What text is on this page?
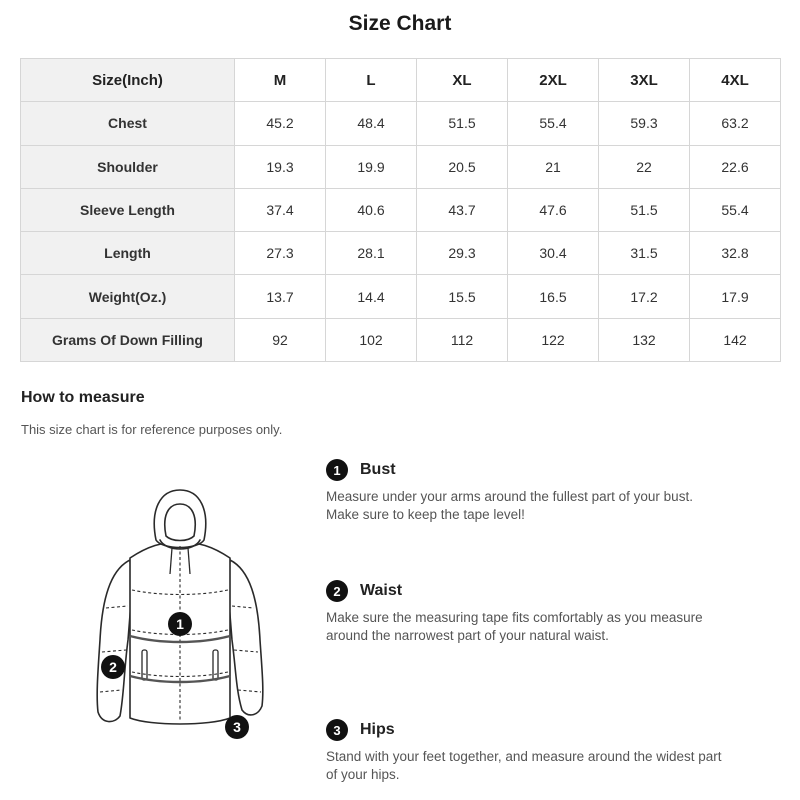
Size Chart
Size(Inch)	M	L	XL	2XL	3XL	4XL
Chest	45.2	48.4	51.5	55.4	59.3	63.2
Shoulder	19.3	19.9	20.5	21	22	22.6
Sleeve Length	37.4	40.6	43.7	47.6	51.5	55.4
Length	27.3	28.1	29.3	30.4	31.5	32.8
Weight(Oz.)	13.7	14.4	15.5	16.5	17.2	17.9
Grams Of Down Filling	92	102	112	122	132	142
How to measure
This size chart is for reference purposes only.
1
2
3
1	Bust
Measure under your arms around the fullest part of your bust. Make sure to keep the tape level!
2	Waist
Make sure the measuring tape fits comfortably as you measure around the narrowest part of your natural waist.
3	Hips
Stand with your feet together, and measure around the widest part of your hips.
